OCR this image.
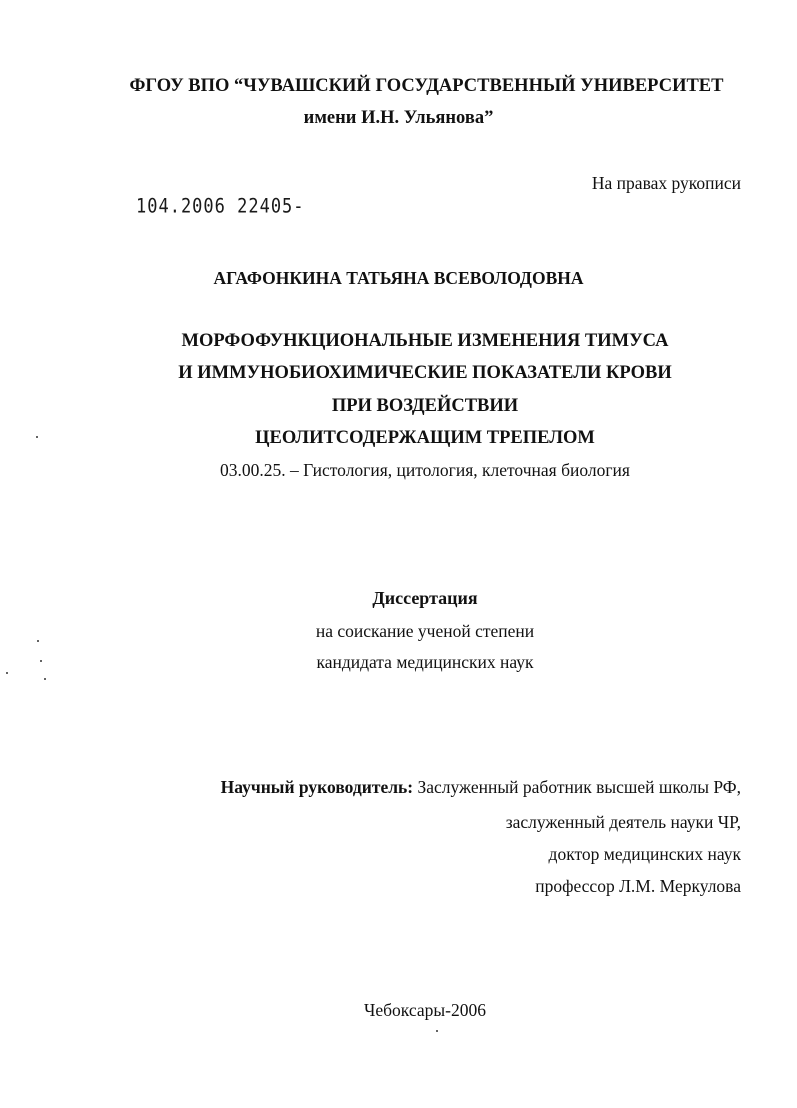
ФГОУ ВПО “ЧУВАШСКИЙ ГОСУДАРСТВЕННЫЙ УНИВЕРСИТЕТ
имени И.Н. Ульянова”
На правах рукописи
104.2006 22405-
АГАФОНКИНА ТАТЬЯНА ВСЕВОЛОДОВНА
МОРФОФУНКЦИОНАЛЬНЫЕ ИЗМЕНЕНИЯ ТИМУСА
И ИММУНОБИОХИМИЧЕСКИЕ ПОКАЗАТЕЛИ КРОВИ
ПРИ ВОЗДЕЙСТВИИ
ЦЕОЛИТСОДЕРЖАЩИМ ТРЕПЕЛОМ
03.00.25. – Гистология, цитология, клеточная биология
Диссертация
на соискание ученой степени
кандидата медицинских наук
Научный руководитель: Заслуженный работник высшей школы РФ,
заслуженный деятель науки ЧР,
доктор медицинских наук
профессор Л.М. Меркулова
Чебоксары-2006
